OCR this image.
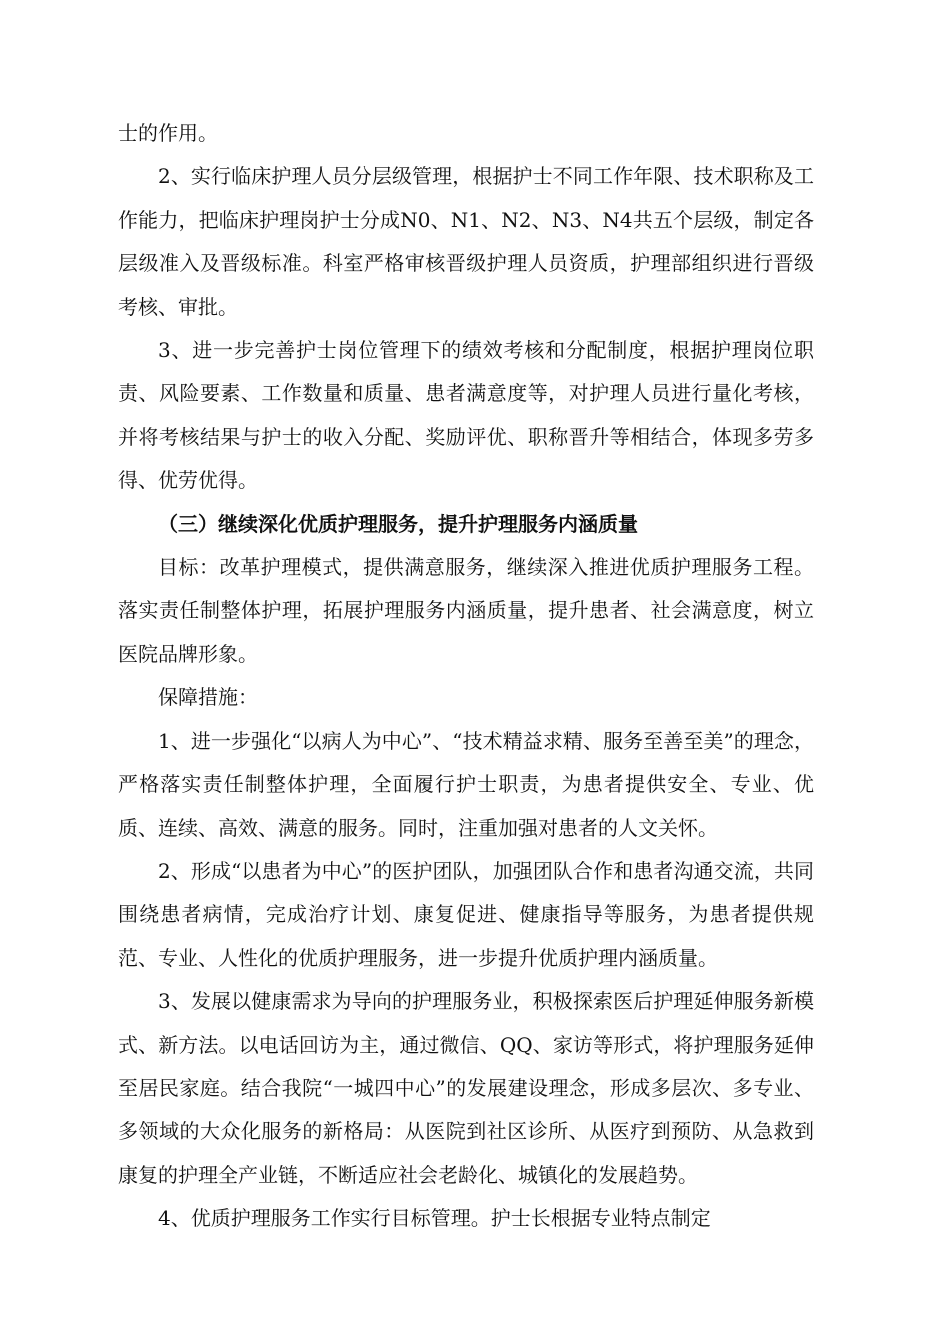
士的作用。

2、实行临床护理人员分层级管理，根据护士不同工作年限、技术职称及工作能力，把临床护理岗护士分成N0、N1、N2、N3、N4共五个层级，制定各层级准入及晋级标准。科室严格审核晋级护理人员资质，护理部组织进行晋级考核、审批。

3、进一步完善护士岗位管理下的绩效考核和分配制度，根据护理岗位职责、风险要素、工作数量和质量、患者满意度等，对护理人员进行量化考核，并将考核结果与护士的收入分配、奖励评优、职称晋升等相结合，体现多劳多得、优劳优得。

（三）继续深化优质护理服务，提升护理服务内涵质量

目标：改革护理模式，提供满意服务，继续深入推进优质护理服务工程。落实责任制整体护理，拓展护理服务内涵质量，提升患者、社会满意度，树立医院品牌形象。

保障措施：

1、进一步强化“以病人为中心”、“技术精益求精、服务至善至美”的理念，严格落实责任制整体护理，全面履行护士职责，为患者提供安全、专业、优质、连续、高效、满意的服务。同时，注重加强对患者的人文关怀。

2、形成“以患者为中心”的医护团队，加强团队合作和患者沟通交流，共同围绕患者病情，完成治疗计划、康复促进、健康指导等服务，为患者提供规范、专业、人性化的优质护理服务，进一步提升优质护理内涵质量。

3、发展以健康需求为导向的护理服务业，积极探索医后护理延伸服务新模式、新方法。以电话回访为主，通过微信、QQ、家访等形式，将护理服务延伸至居民家庭。结合我院“一城四中心”的发展建设理念，形成多层次、多专业、多领域的大众化服务的新格局：从医院到社区诊所、从医疗到预防、从急救到康复的护理全产业链，不断适应社会老龄化、城镇化的发展趋势。

4、优质护理服务工作实行目标管理。护士长根据专业特点制定
